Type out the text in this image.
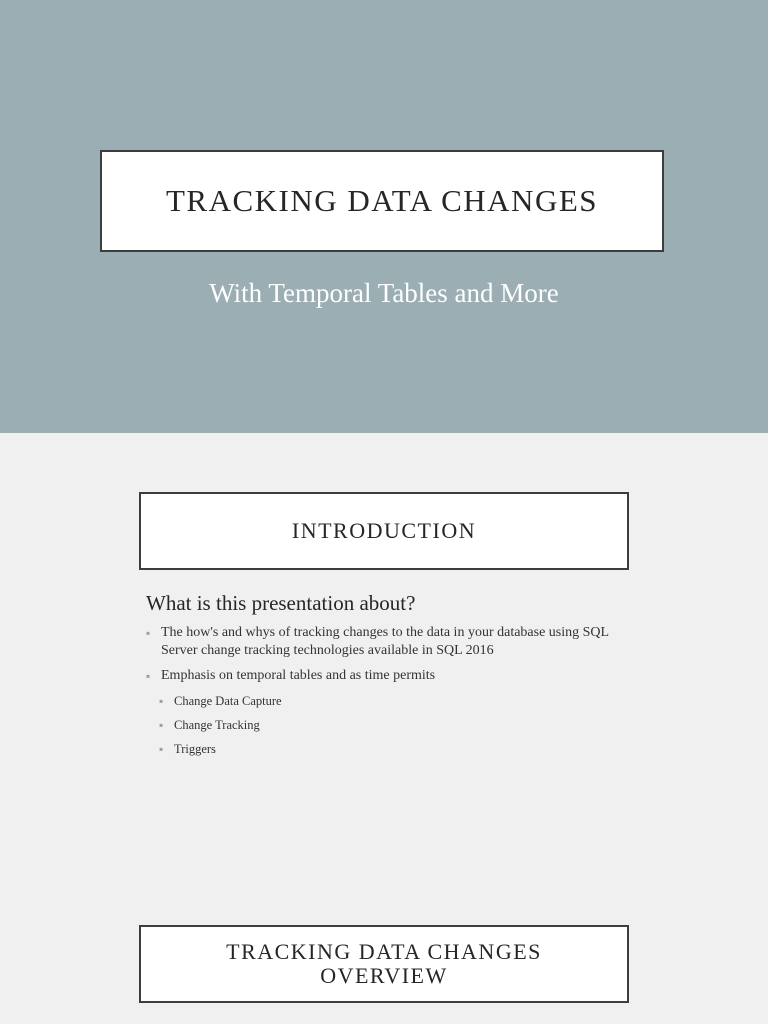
TRACKING DATA CHANGES

With Temporal Tables and More

INTRODUCTION
What is this presentation about?
▪ The how's and whys of tracking changes to the data in your database using SQL Server change tracking technologies available in SQL 2016
▪ Emphasis on temporal tables and as time permits
▪ Change Data Capture
▪ Change Tracking
▪ Triggers
TRACKING DATA CHANGES
OVERVIEW
